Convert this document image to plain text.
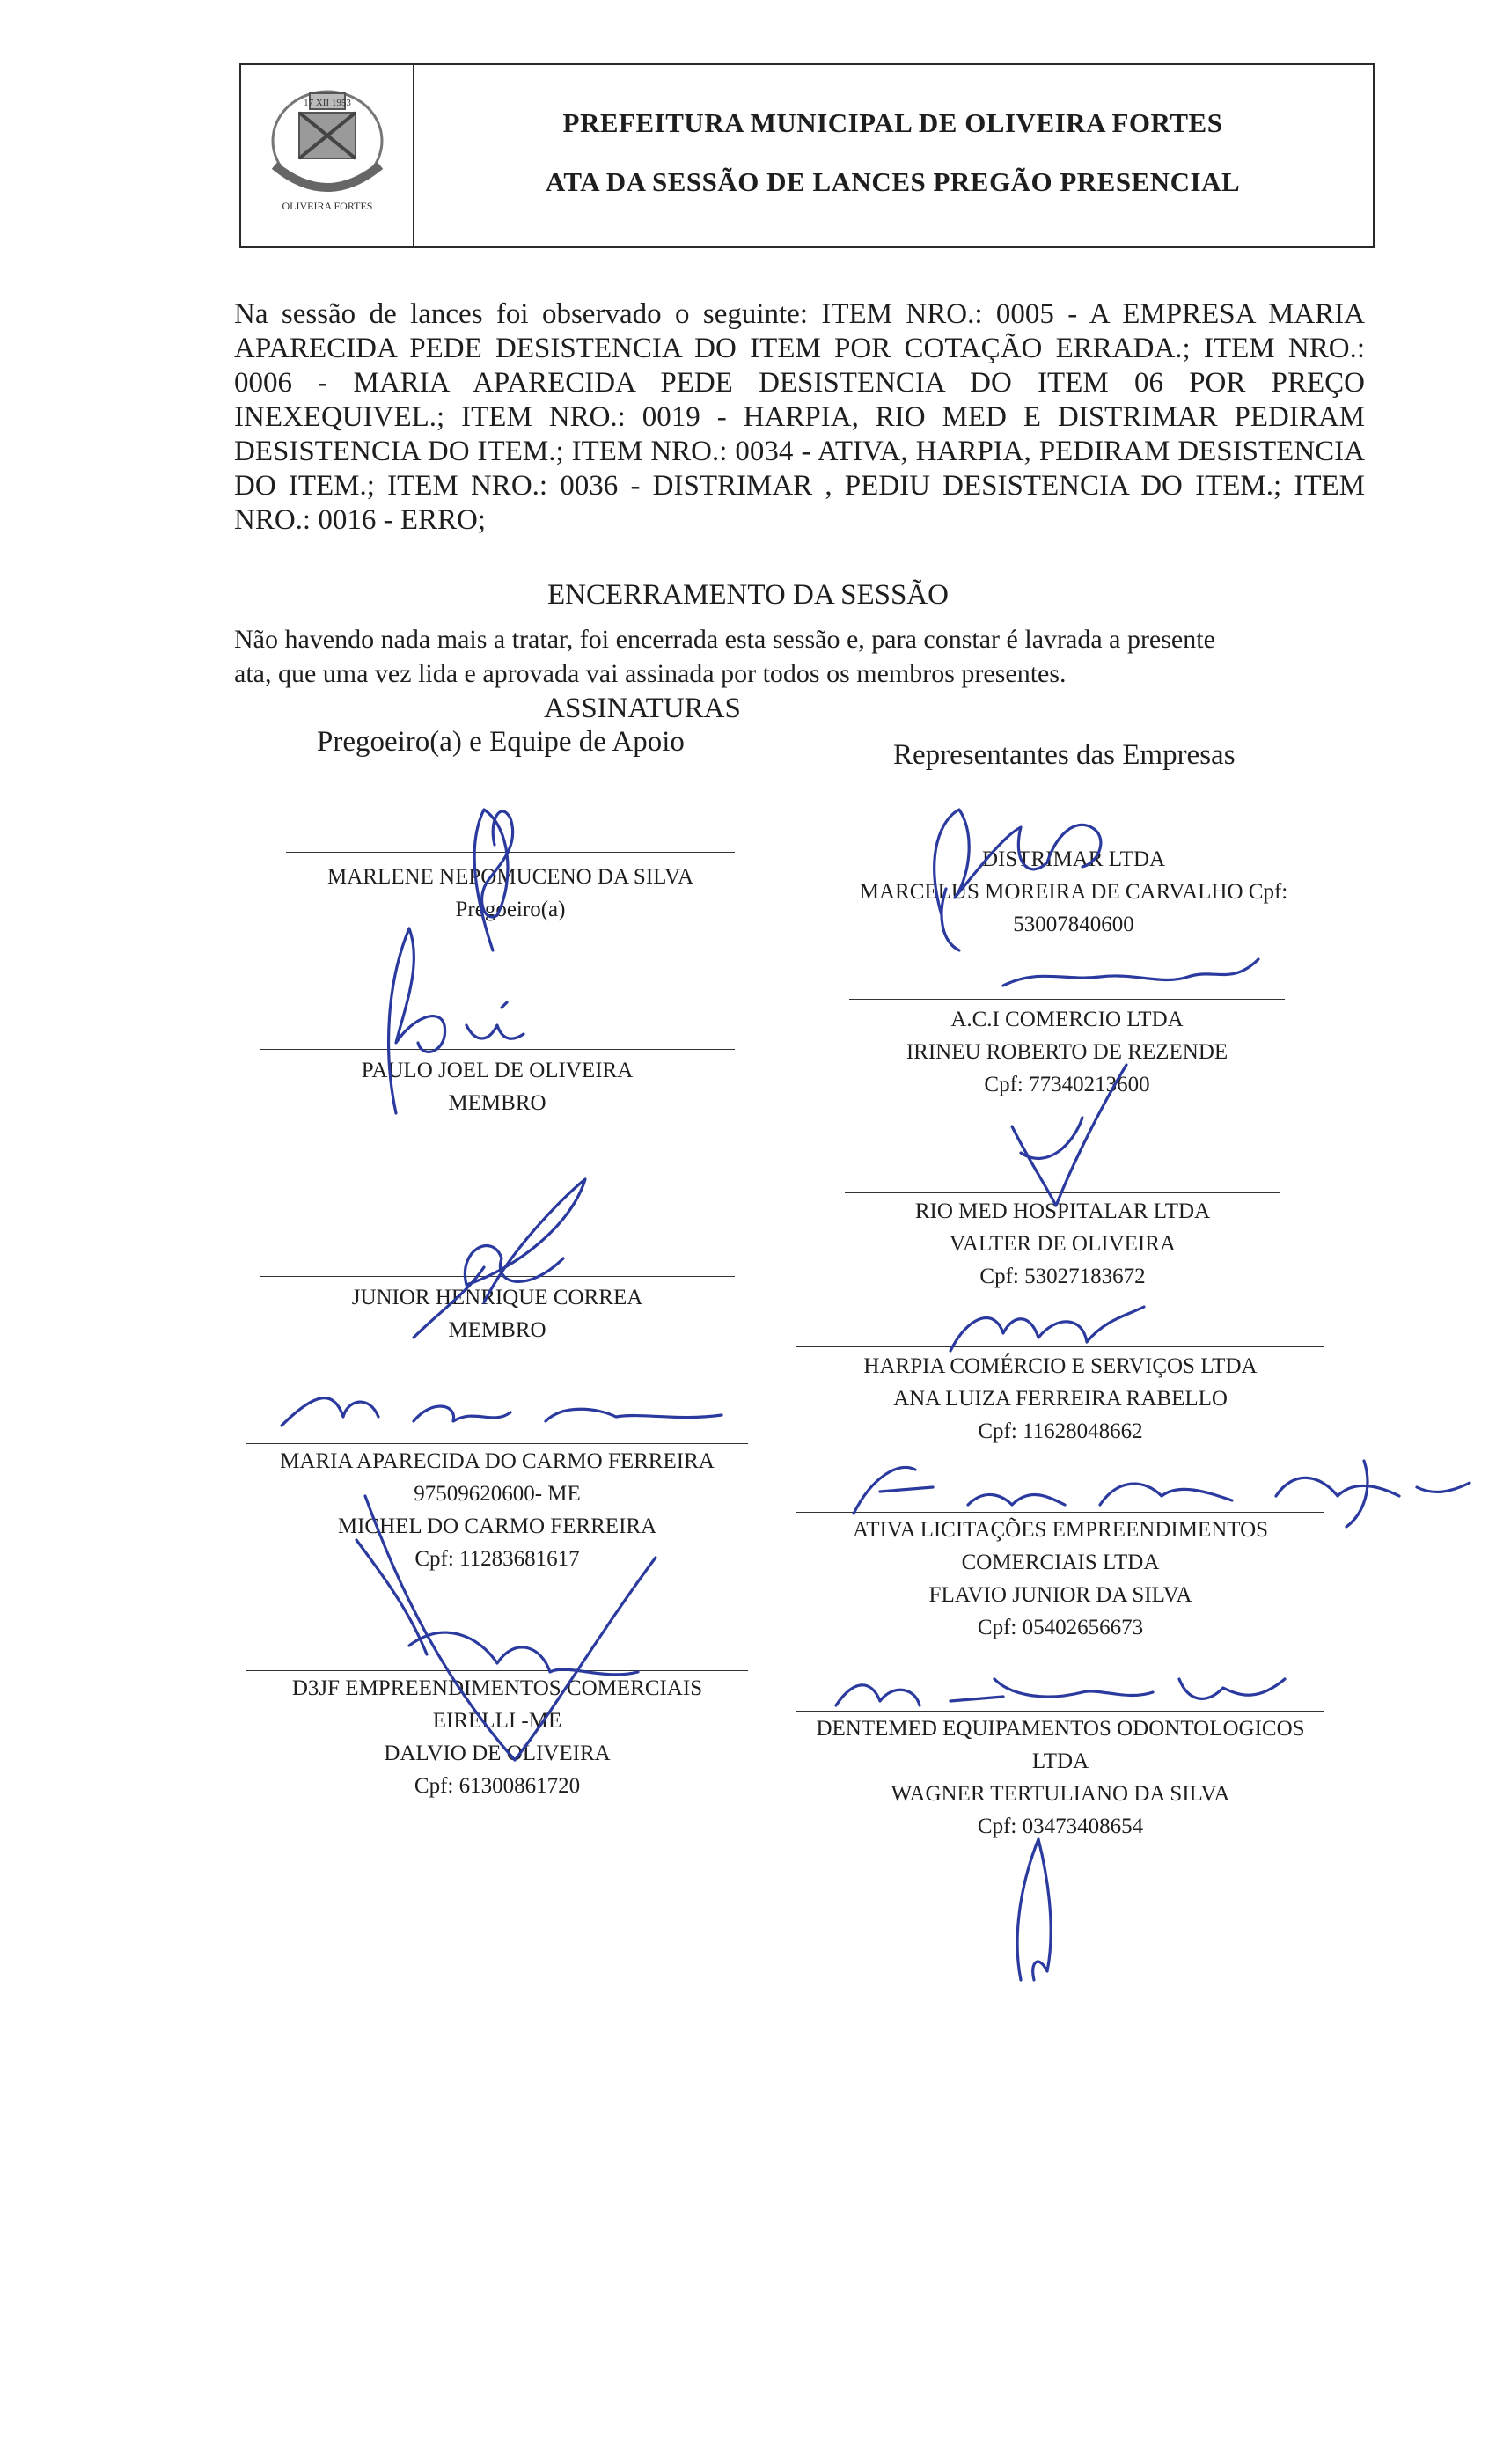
17 XII 1953
OLIVEIRA FORTES
PREFEITURA MUNICIPAL DE OLIVEIRA FORTES
ATA DA SESSÃO DE LANCES PREGÃO PRESENCIAL
Na sessão de lances foi observado o seguinte: ITEM NRO.: 0005 - A EMPRESA MARIA APARECIDA PEDE DESISTENCIA DO ITEM POR COTAÇÃO ERRADA.; ITEM NRO.: 0006 - MARIA APARECIDA PEDE DESISTENCIA DO ITEM 06 POR PREÇO INEXEQUIVEL.; ITEM NRO.: 0019 - HARPIA, RIO MED E DISTRIMAR PEDIRAM DESISTENCIA DO ITEM.; ITEM NRO.: 0034 - ATIVA, HARPIA, PEDIRAM DESISTENCIA DO ITEM.; ITEM NRO.: 0036 - DISTRIMAR , PEDIU DESISTENCIA DO ITEM.; ITEM NRO.: 0016 - ERRO;
ENCERRAMENTO DA SESSÃO
Não havendo nada mais a tratar, foi encerrada esta sessão e, para constar é lavrada a presente
ata, que uma vez lida e aprovada vai assinada por todos os membros presentes.
ASSINATURAS
Pregoeiro(a) e Equipe de Apoio	Representantes das Empresas
MARLENE NEPOMUCENO DA SILVA
Pregoeiro(a)
PAULO JOEL DE OLIVEIRA
MEMBRO
JUNIOR HENRIQUE CORREA
MEMBRO
MARIA APARECIDA DO CARMO FERREIRA
97509620600- ME
MICHEL DO CARMO FERREIRA
Cpf: 11283681617
D3JF EMPREENDIMENTOS COMERCIAIS
EIRELLI -ME
DALVIO DE OLIVEIRA
Cpf: 61300861720
DISTRIMAR LTDA
MARCELUS MOREIRA DE CARVALHO Cpf:
53007840600
A.C.I COMERCIO LTDA
IRINEU ROBERTO DE REZENDE
Cpf: 77340213600
RIO MED HOSPITALAR LTDA
VALTER DE OLIVEIRA
Cpf: 53027183672
HARPIA COMÉRCIO E SERVIÇOS LTDA
ANA LUIZA FERREIRA RABELLO
Cpf: 11628048662
ATIVA LICITAÇÕES EMPREENDIMENTOS
COMERCIAIS LTDA
FLAVIO JUNIOR DA SILVA
Cpf: 05402656673
DENTEMED EQUIPAMENTOS ODONTOLOGICOS
LTDA
WAGNER TERTULIANO DA SILVA
Cpf: 03473408654
